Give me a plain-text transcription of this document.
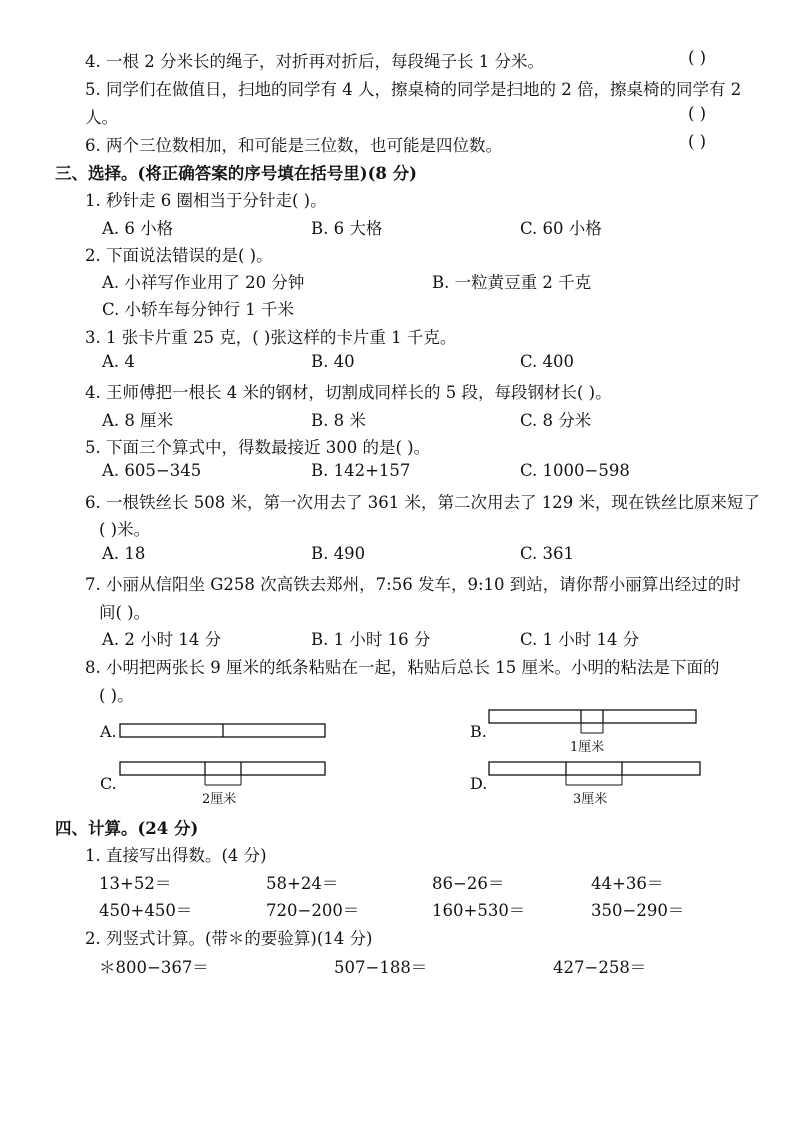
4. 一根 2 分米长的绳子，对折再对折后，每段绳子长 1 分米。	( )
5. 同学们在做值日，扫地的同学有 4 人，擦桌椅的同学是扫地的 2 倍，擦桌椅的同学有 2
人。	( )
6. 两个三位数相加，和可能是三位数，也可能是四位数。	( )
三、选择。(将正确答案的序号填在括号里)(8 分)
1. 秒针走 6 圈相当于分针走( )。
A. 6 小格	B. 6 大格	C. 60 小格
2. 下面说法错误的是( )。
A. 小祥写作业用了 20 分钟	B. 一粒黄豆重 2 千克
C. 小轿车每分钟行 1 千米
3. 1 张卡片重 25 克，( )张这样的卡片重 1 千克。
A. 4	B. 40	C. 400
4. 王师傅把一根长 4 米的钢材，切割成同样长的 5 段，每段钢材长( )。
A. 8 厘米	B. 8 米	C. 8 分米
5. 下面三个算式中，得数最接近 300 的是( )。
A. 605−345	B. 142+157	C. 1000−598
6. 一根铁丝长 508 米，第一次用去了 361 米，第二次用去了 129 米，现在铁丝比原来短了
( )米。
A. 18	B. 490	C. 361
7. 小丽从信阳坐 G258 次高铁去郑州，7:56 发车，9:10 到站，请你帮小丽算出经过的时
间( )。
A. 2 小时 14 分	B. 1 小时 16 分	C. 1 小时 14 分
8. 小明把两张长 9 厘米的纸条粘贴在一起，粘贴后总长 15 厘米。小明的粘法是下面的
( )。
A.	B.
1厘米
C.
2厘米
D.
3厘米
四、计算。(24 分)
1. 直接写出得数。(4 分)
13+52＝	58+24＝	86−26＝	44+36＝
450+450＝	720−200＝	160+530＝	350−290＝
2. 列竖式计算。(带＊的要验算)(14 分)
＊800−367＝	507−188＝	427−258＝
